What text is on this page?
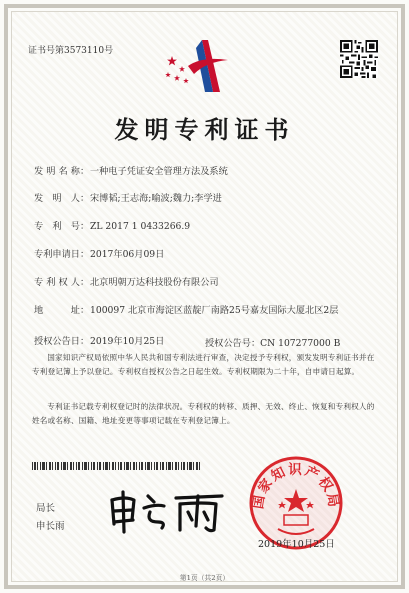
证书号第3573110号
发明专利证书
发明名称： 一种电子凭证安全管理方法及系统
发明人： 宋博韬;王志海;喻波;魏力;李学进
专利号： ZL 2017 1 0433266.9
专利申请日： 2017年06月09日
专利权人： 北京明朝万达科技股份有限公司
地址： 100097 北京市海淀区蓝靛厂南路25号嘉友国际大厦北区2层
授权公告日： 2019年10月25日	授权公告号：CN 107277000 B
国家知识产权局依照中华人民共和国专利法进行审查，决定授予专利权，颁发发明专利证书并在专利登记簿上予以登记。专利权自授权公告之日起生效。专利权期限为二十年，自申请日起算。
专利证书记载专利权登记时的法律状况。专利权的转移、质押、无效、终止、恢复和专利权人的姓名或名称、国籍、地址变更等事项记载在专利登记簿上。
局长
申长雨
国家知识产权局
2019年10月25日
第1页（共2页）
